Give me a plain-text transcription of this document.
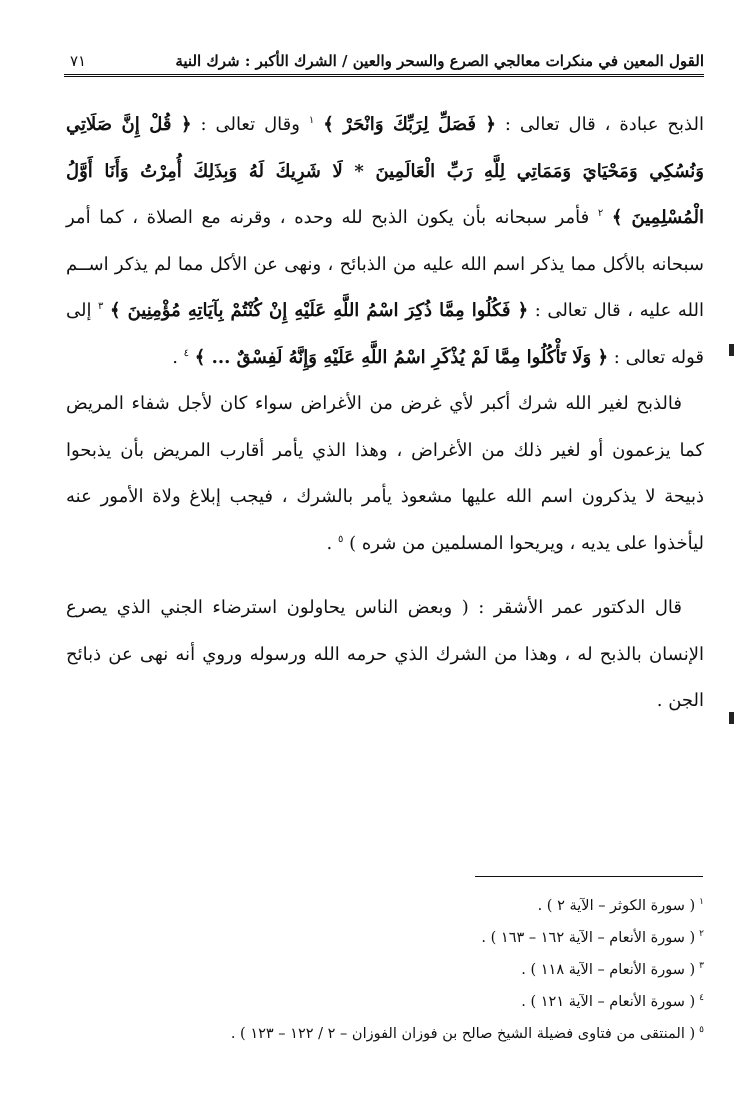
٧١	القول المعين في منكرات معالجي الصرع والسحر والعين / الشرك الأكبر : شرك النية

الذبح عبادة ، قال تعالى : ﴿ فَصَلِّ لِرَبِّكَ وَانْحَرْ ﴾ $^١$ وقال تعالى : ﴿ قُلْ إِنَّ صَلَاتِي وَنُسُكِي وَمَحْيَايَ وَمَمَاتِي لِلَّهِ رَبِّ الْعَالَمِينَ * لَا شَرِيكَ لَهُ وَبِذَلِكَ أُمِرْتُ وَأَنَا أَوَّلُ الْمُسْلِمِينَ ﴾ $^٢$ فأمر سبحانه بأن يكون الذبح لله وحده ، وقرنه مع الصلاة ، كما أمر سبحانه بالأكل مما يذكر اسم الله عليه من الذبائح ، ونهى عن الأكل مما لم يذكر اســم الله عليه ، قال تعالى : ﴿ فَكُلُوا مِمَّا ذُكِرَ اسْمُ اللَّهِ عَلَيْهِ إِنْ كُنْتُمْ بِآيَاتِهِ مُؤْمِنِينَ ﴾ $^٣$ إلى قوله تعالى : ﴿ وَلَا تَأْكُلُوا مِمَّا لَمْ يُذْكَرِ اسْمُ اللَّهِ عَلَيْهِ وَإِنَّهُ لَفِسْقٌ ... ﴾ $^٤$ .

فالذبح لغير الله شرك أكبر لأي غرض من الأغراض سواء كان لأجل شفاء المريض كما يزعمون أو لغير ذلك من الأغراض ، وهذا الذي يأمر أقارب المريض بأن يذبحوا ذبيحة لا يذكرون اسم الله عليها مشعوذ يأمر بالشرك ، فيجب إبلاغ ولاة الأمور عنه ليأخذوا على يديه ، ويريحوا المسلمين من شره ) $^٥$ .

قال الدكتور عمر الأشقر : ( وبعض الناس يحاولون استرضاء الجني الذي يصرع الإنسان بالذبح له ، وهذا من الشرك الذي حرمه الله ورسوله وروي أنه نهى عن ذبائح الجن .

$^١$( سورة الكوثر – الآية ٢ ) .
$^٢$( سورة الأنعام – الآية ١٦٢ – ١٦٣ ) .
$^٣$( سورة الأنعام – الآية ١١٨ ) .
$^٤$( سورة الأنعام – الآية ١٢١ ) .
$^٥$( المنتقى من فتاوى فضيلة الشيخ صالح بن فوزان الفوزان – ٢ / ١٢٢ – ١٢٣ ) .
